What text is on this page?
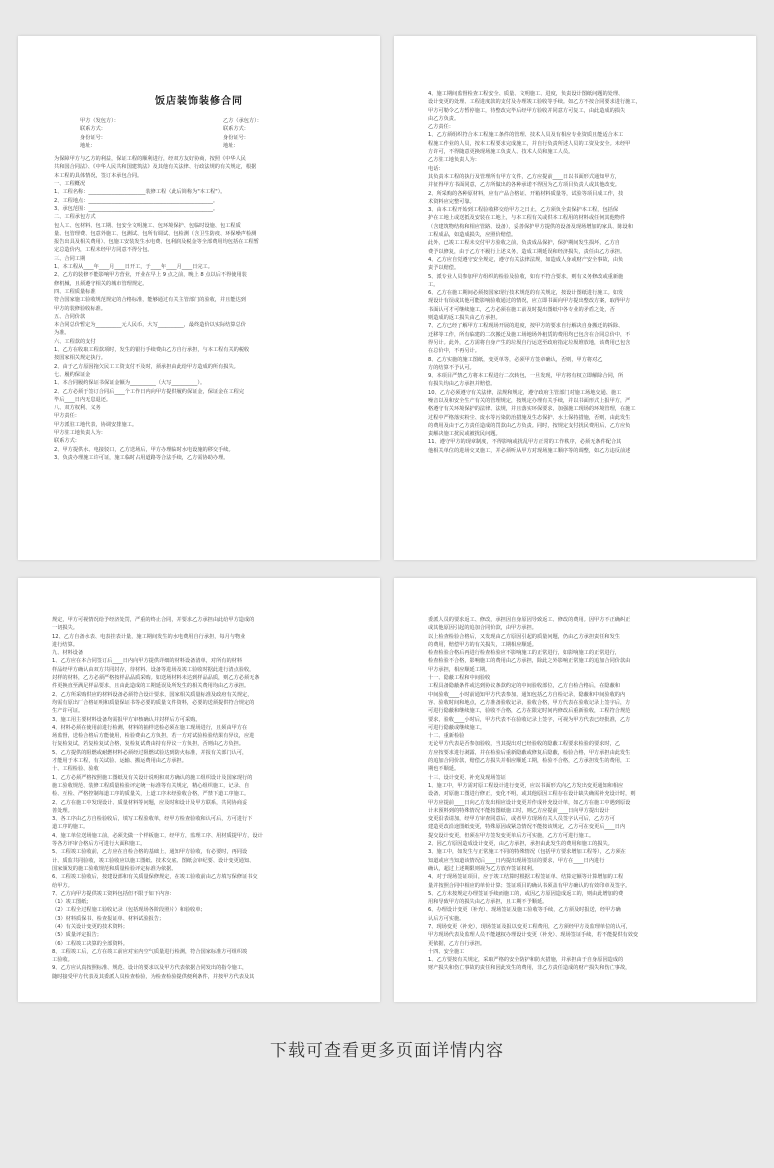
饭店装饰装修合同
甲方（发包方）：	乙方（承包方）：
联系方式：	联系方式：
身份证号：	身份证号：
地址：	地址：
为保障甲方与乙方的利益，保证工程的顺利进行，经双方友好协商，按照《中华人民
共和国合同法》、《中华人民共和国建筑法》及其他有关法律、行政法规的有关规定，根据
本工程的具体情况，签订本承包合同。
一、工程概况
1、工程名称：______________________装修工程（此后简称为"本工程"）。
2、工程地点：________________________________________________。
3、承包范围：________________________________________________。
二、工程承包方式
包人工、包材料、包工期、包安全文明施工、包环境保护、包临时设施、包工程质
量、包管理费、包意外施工、包测试、包所有调试、包检测（含卫生防疫、环保噪声检测
报告出具及相关费用）、包施工安装发生水电费、包利润及税金等全部费用均包括在工程暂
定总造价内，工程未经甲方同意不得分包。
三、合同工期
1、本工程从____年____月____日开工，于____年____月____日完工。
2、乙方的装修不能影响甲方营业，开业在早上 9 点之前，晚上 8 点以后不得使用装
修机械，且须遵守相关的城市管理规定。
四、工程质量标准
符合国家施工验收规范规定的合格标准，能够通过有关主管部门的验收，并且能达到
甲方的装修验收标准。
五、合同价款
本合同总价暂定为__________元人民币，大写__________，最终造价以实际结算总价
为准。
六、工程款的支付
1、乙方在收取工程款项时，发生的银行手续费由乙方自行承担，与本工程有关的税收
按国家相关规定执行。
2、由于乙方原因拖欠民工工资支付不及时，须承担由此给甲方造成的所有损失。
七、履约保证金
1、本合同履约保证书保证金额为__________（大写__________）。
2、乙方必须于签订合同后____个工作日内向甲方提供履约保证金，保证金在工程完
毕后____日内无息退还。
八、双方权利、义务
甲方责任：
甲方派驻工地代表，协调安排施工。
甲方驻工地负责人为：
联系方式：
2、甲方提供水、电接驳口，乙方送场后，甲方办理临时水电设施的移交手续。
3、负责办理施工许可证，施工临时占用道路等合法手续，乙方需协助办理。
4、施工期间监督检查工程安全、质量、文明施工、进度，负责设计图纸问题的处理、
设计变更的处理、工程进度款的支付及办理竣工验收等手续。如乙方不按合同要求进行施工，
甲方可勒令乙方暂停施工，待整改完毕后经甲方验收并同意方可复工，由此造成的损失
由乙方负责。
乙方责任：
1、乙方须组织符合本工程施工条件的管理、技术人员及有相应专业资质且能适合本工
程施工作业的人员，按本工程要求完成施工，并自行负责所述人员的工资及安全。未经甲
方许可，不得随意更换现场施工负责人、技术人员和施工人员。
乙方驻工地负责人为：
电话：
其负责本工程的执行及管理所有甲方文件，乙方应提前____日以书面形式通知甲方，
并征得甲方书面同意，乙方所做出的各种承诺不得因为乙方项目负责人或其他改变。
2、所采购的各种原材料，应有产品合格证、开箱材料质量等，试验等项目成工作，技
术资料应完整可靠。
3、由本工程开始到工程验收移交给甲方之日止，乙方须负全责保护本工程，包括保
护在工地上或送抵及安装在工地上，与本工程有关或供本工程用的材料或任何其他物件
（含建筑物结构和相应管路、设备），妥善保护甲方提供的设备及现场增加的家具、陈设和
工程成品，如造成损失，应照价赔偿。
此外，已竣工工程未交付甲方验收之前，负责成品保护，保护期间发生损坏，乙方自
费予以修复，由于乙方不履行上述义务，造成工期延误和经济损失，责任由乙方承担。
4、乙方应自觉遵守安全规定，遵守有关法律法规，如造成人身或财产安全事故，由负
责予以赔偿。
5、派专业人员参加甲方组织的检验及验收，如有不符合要求，则有义务修改或重新施
工。
6、乙方在施工期间必须按国家现行技术规范的有关规定，按设计图纸进行施工。如发
现设计有误或其他可能影响验收通过的情况，应立即书面向甲方提出整改方案，取得甲方
书面认可才可继续施工，乙方必须在施工前及时提出图纸中各专业的矛盾之处，否
则造成的返工损失由乙方承担。
7、乙方已经了解甲方工程现场开展的进度，按甲方的要求自行解决自身搬迁的拆除、
迁移等工作，所有临建的二次搬迁及施工场地场外租赁的费用均已包含在合同总价中，不
得另计。此外，乙方需将自身产生的垃圾自行运送至政府指定垃圾堆放地，该费用已包含
在总价中，不再另计。
8、乙方实施的施工图纸，变更单等，必须甲方签章确认，否则，甲方将对乙
方的结算不予认可。
9、本项目严禁乙方将本工程进行二次转包，一旦发现，甲方将有权立即解除合同，所
有损失均由乙方承担并赔偿。
10、乙方必须遵守有关法律，法规和规定，遵守政府主管部门对施工场地交通、施工
噪音以及和安全生产有关的管理规定，按规定办理有关手续，并以书面形式上报甲方，严
格遵守有关环境保护的法律、法规，并且落实环保要求，加强施工现场的环境管理，在施工
过程中严格落实粉尘、废水等污染防治措施及生态保护、水土保持措施，否则，由此发生
的费用及由于乙方责任造成的罚款由乙方负责。同时，按规定支付扰民费用后，乙方应负
责解决施工扰民或被扰民问题。
11、遵守甲方的现章制度，不得影响或扰乱甲方正常的工作秩序，必须无条件配合其
他相关单位的进场交叉施工，并必须听从甲方对现场施工顺序等的调整，如乙方违反前述
规定，甲方可视情况给予经济处罚，严重的终止合同，并要求乙方承担由此给甲方造成的
一切损失。
12、乙方自备水表、电表挂表计量，施工期间发生的水电费用自行承担，每月与物业
进行结算。
九、材料设备
1、乙方应在本合同签订后____日内向甲方提供详细的材料设备清单，对所有的材料
样品经甲方确认由双方共同封存，待材料、设备等进场及竣工验收时据此进行清点验收，
封样的材料，乙方必须严格按样品品质采购。如送场材料未达到样品品质，则乙方必须无条
件更换直至满足样品要求，且由此造成的工期延误及所发生的相关费用均由乙方承担。
2、乙方所采购供应的材料设备必须符合设计要求，国家相关质量标准及政府有关规定，
均需有原出厂合格证明和质量保证书等必要的质量文件资料，必要的送须提供符合规定的
生产许可证。
3、施工用主要材料设备均需报甲方审核确认并封样后方可采购。
4、材料必须在使用前进行检测，材料的抽样送检必须在施工现场进行，且须由甲方在
场监督，送检合格后方能使用，检验费由乙方负担，若一方对试验检验结果有异议，应进
行复检复试，若复检复试合格，复检复试费由持有异议一方负担，否则由乙方负担。
5、乙方提供的阻燃或耐燃材料必须经过阻燃试验达到防火标准，并报有关部门认可，
才能用于本工程，有关试验、运输、搬运费用由乙方承担。
十、工程检验、验收
1、乙方必须严格按照施工图纸及有关设计说明和双方确认的施工组织设计及国家现行的
施工验收规范、装修工程质量检验评定统一标准等有关规定，精心组织施工，记录、自
检、互检、严格控制每道工序的质量关，上道工序未经验收合格，严禁下道工序施工。
2、乙方在施工中发现设计、质量材料等问题，应及时和设计及甲方联系，共同协商妥
善处理。
3、各工序由乙方自检验收后，填写工程验收单，经甲方检查验收和认可后，方可进行下
道工序的施工。
4、施工单位送场施工前，必须先做一个样板施工，经甲方，监理工序、用材质提甲方，设计
等各方评审合格后方可进行大面积施工。
5、工程竣工验收前，乙方应在自检合格的基础上，通知甲方验收，有必要时，再同设
计、质监共同验收，竣工验收应以施工图纸、技术交底、图纸会审纪要、设计变更通知、
国家颁发的施工验收规范和质量检验评定标准为依据。
6、工程竣工验收后，按建设部和有关质量保修规定，在竣工验收前由乙方填写保修证书交
给甲方。
7、乙方向甲方提供竣工资料包括但不限于如下内容：
（1）竣工图纸；
（2）工程全过程施工验收记录（包括现场各阶段照片）和验收单；
（3）材料质保书、检查报证单、材料试验报告；
（4）有关设计变更的技术资料；
（5）质量评定报告；
（6）工程竣工决算的全部资料。
8、工程竣工后，乙方在竣工前应对室内空气质量进行检测，符合国家标准方可组织竣
工验收。
9、乙方应认真按照标准、规范、设计的要求以及甲方代表依据合同发出的指令施工，
随时接受甲方代表及其委派人员检查检验，为检查检验提供便利条件，并按甲方代表及其
委派人员的要求返工、修改，承担因自身原因导致返工、修改的费用。因甲方不正确纠正
或其他原因引起的追加合同价款，由甲方承担。
以上检查检验合格后，又发现由乙方原因引起的质量问题，仍由乙方承担责任和发生
的费用，赔偿甲方的有关损失，工期相应顺延。
检查检验合格后再进行检查检验应不影响施工的正常进行，如影响施工的正常进行，
检查检验不合格，影响施工的费用由乙方承担，除此之外影响正常施工的追加合同价款由
甲方承担，相应顺延工期。
十一、隐蔽工程和中间验收
工程具备隐蔽条件或达到协议条款约定的中间验收部位，乙方自检合格后，在隐蔽和
中间验收____小时前通知甲方代表参加，通知包括乙方自检记录，隐蔽和中间验收的内
容、验收时间和地点，乙方准备验收记录，验收合格，甲方代表在验收记录上签字后，方
可进行隐蔽和继续施工，验收不合格，乙方在限定时间内修改后重新验收，工程符合规范
要求，验收____小时后，甲方代表不在验收记录上签字，可视为甲方代表已经批准，乙方
可进行隐蔽或继续施工。
十二、重新检验
无论甲方代表是否参加验收，当其提出对已经验收的隐蔽工程要求检验的要求时，乙
方应按要求进行剥露，并在检验后重新隐蔽或修复后隐蔽，检验合格，甲方承担由此发生
的追加合同价款，赔偿乙方损失并相应顺延工期，检验不合格，乙方承担发生的费用，工
期也不顺延。
十三、设计变更、补充及现场签证
1、施工中，甲方需对原工程设计进行变更，应以书面形式向乙方发出变更通知和相应
设备，对原施工图进行修正，变化不明，或其他原因工程存在设计缺失确需补充设计时，则
甲方应提前____日向乙方发出相应设计变更并作成补充设计单，如乙方在施工中遇到原设
计未预料到的特殊情况不能按图纸施工时，则乙方应提前____日向甲方提出设计
变更沿表请加，经甲方审查同意后，或者甲方现场有关人员签字认可后，乙方方可
建造更改沿途图纸变更，特殊原因或紧急情况不能按该规定，乙方可在变更后____日内
提交设计变更，但须在甲方签发变更单后方可实施，乙方方可进行施工。
2、因乙方原因造成设计变更，由乙方承担，承担由此发生的费用和施工的损失。
3、施工中，如发生与正常施工不同的特殊情况（包括甲方要求增加工程等），乙方须在
知道或应当知道该情况后____日内提出现场签证的要求，甲方在____日内进行
确认，超过上述期限则视为乙方放弃签证权利。
4、对于现场签证项目，应于竣工结算时根据工程签证单、结算定额等计算增加的工程
量并按照合同中相应的单价计算；签证项目的确认书须盖有甲方确认的有效印章及签字。
5、乙方未按规定办理签证手续而施工的，或因乙方原因造成返工的，则由此增加的费
用和导致甲方的损失由乙方承担，且工期不予顺延。
6、办理设计变更（补充）、现场签证及施工验收等手续，乙方须及时报送，经甲方确
认后方可实施。
7、现场变更（补充），现场签证及报以变更工程费用，乙方须经甲方及监理单位的认可，
甲方现场代表及监理人员不能越权办理设计变更（补充）、现场签证手续，若不能提供有效变
更依据，乙方自行承担。
十四、安全施工
1、乙方要按有关规定，采取严格的安全防护和防火措施，并承担由于自身原因造成的
财产损失和伤亡事故的责任和因此发生的费用，非乙方责任造成的财产损失和伤亡事故，
下载可查看更多页面详情内容
